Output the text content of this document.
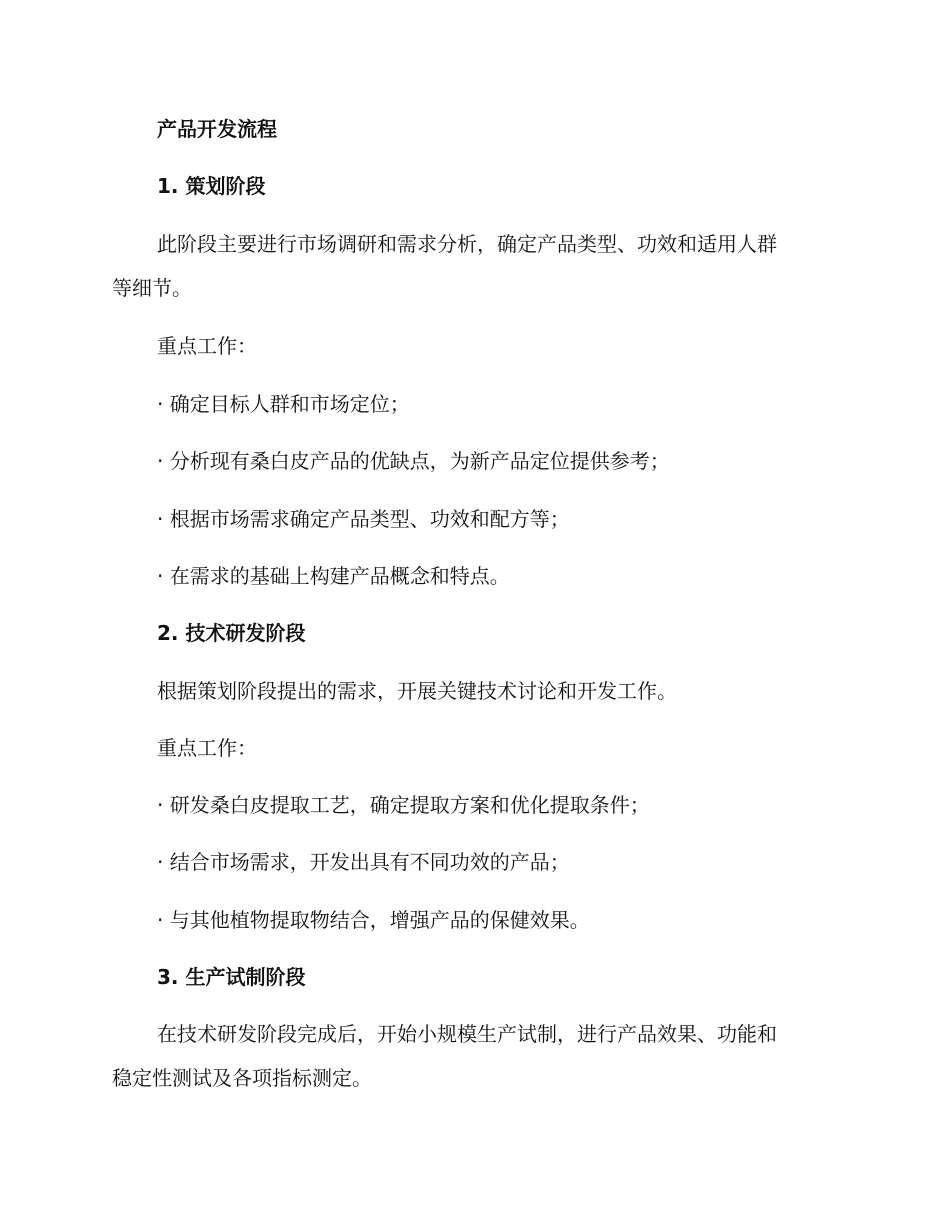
产品开发流程
1. 策划阶段
此阶段主要进行市场调研和需求分析，确定产品类型、功效和适用人群
等细节。
重点工作：
· 确定目标人群和市场定位；
· 分析现有桑白皮产品的优缺点，为新产品定位提供参考；
· 根据市场需求确定产品类型、功效和配方等；
· 在需求的基础上构建产品概念和特点。
2. 技术研发阶段
根据策划阶段提出的需求，开展关键技术讨论和开发工作。
重点工作：
· 研发桑白皮提取工艺，确定提取方案和优化提取条件；
· 结合市场需求，开发出具有不同功效的产品；
· 与其他植物提取物结合，增强产品的保健效果。
3. 生产试制阶段
在技术研发阶段完成后，开始小规模生产试制，进行产品效果、功能和
稳定性测试及各项指标测定。
